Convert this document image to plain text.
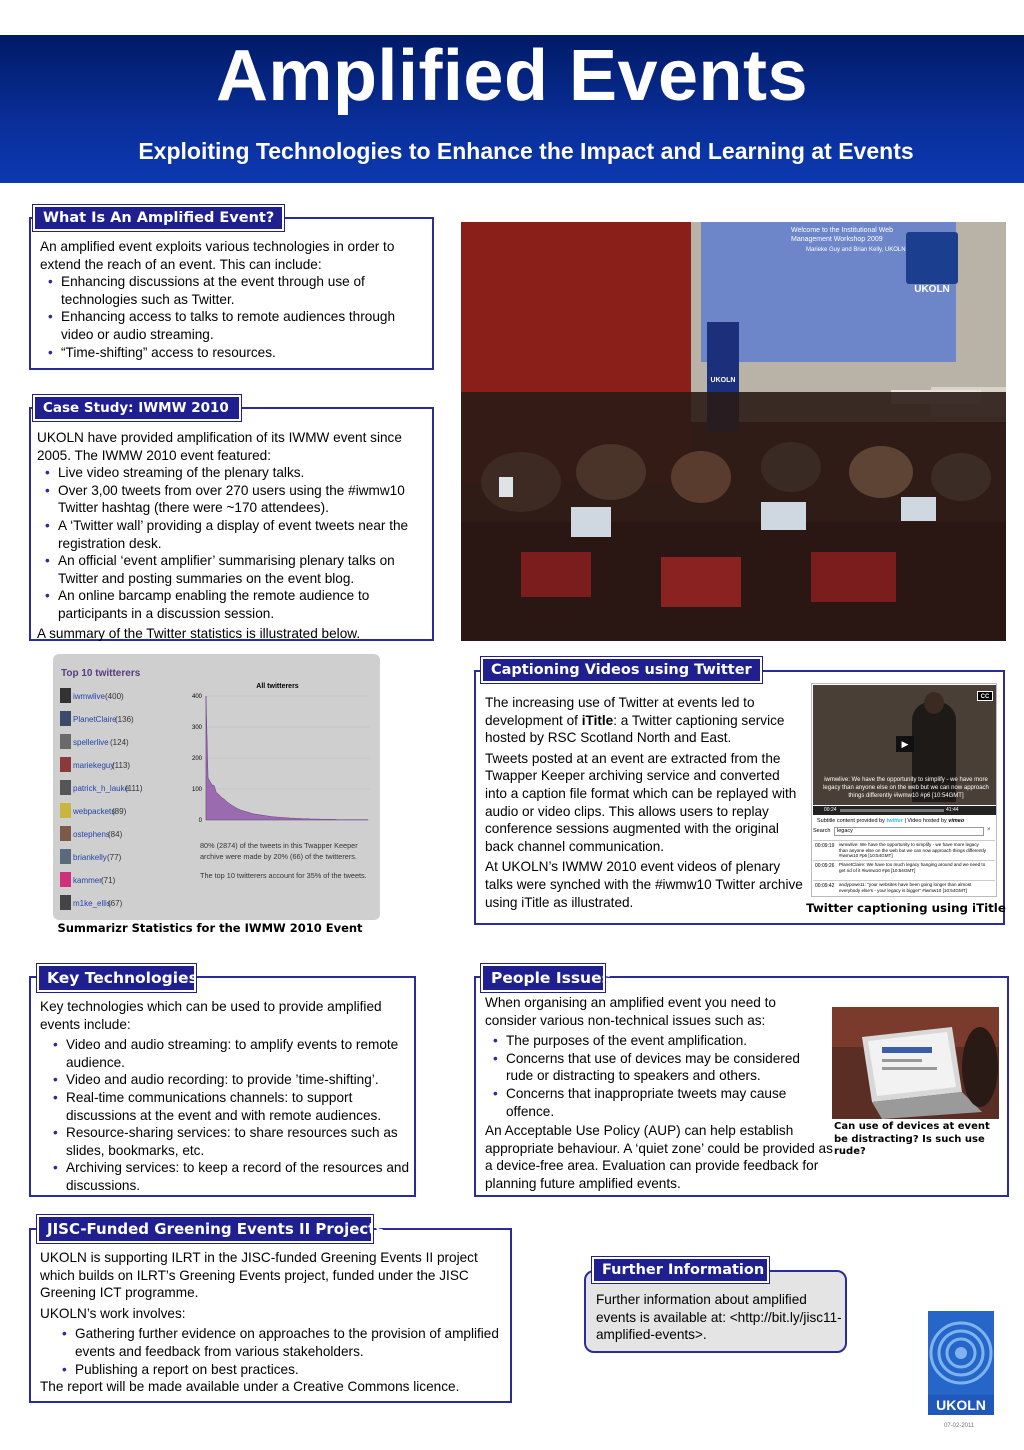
Amplified Events
Exploiting Technologies to Enhance the Impact and Learning at Events
What Is An Amplified Event?

An amplified event exploits various technologies in order to extend the reach of an event. This can include:

• Enhancing discussions at the event through use of technologies such as Twitter.
• Enhancing access to talks to remote audiences through video or audio streaming.
• “Time-shifting” access to resources.
Case Study: IWMW 2010

UKOLN have provided amplification of its IWMW event since 2005. The IWMW 2010 event featured:

• Live video streaming of the plenary talks.
• Over 3,00 tweets from over 270 users using the #iwmw10 Twitter hashtag (there were ~170 attendees).
• A ‘Twitter wall’ providing a display of event tweets near the registration desk.
• An official ‘event amplifier’ summarising plenary talks on Twitter and posting summaries on the event blog.
• An online barcamp enabling the remote audience to participants in a discussion session.

A summary of the Twitter statistics is illustrated below.

Welcome to the Institutional Web Management Workshop 2009
Marieke Guy and Brian Kelly, UKOLN
UKOLN
UKOLN
Top 10 twitterers
iwmwlive (400)
PlanetClaire
(136)
spellerlive (124)
mariekeguy
(113)
patrick_h_lauke
(111)
webpackets
(89)
ostephens
(84)
briankelly (77)
kammer (71)
m1ke_ellis
(67)
All twitterers
400
300
200
100
0
80% (2874) of the tweets in this Twapper Keeper archive were made by 20% (66) of the twitterers.
The top 10 twitterers account for 35% of the tweets.
Summarizr Statistics for the IWMW 2010 Event
Captioning Videos using Twitter

The increasing use of Twitter at events led to development of iTitle: a Twitter captioning service hosted by RSC Scotland North and East.

Tweets posted at an event are extracted from the Twapper Keeper archiving service and converted into a caption file format which can be replayed with audio or video clips. This allows users to replay conference sessions augmented with the original back channel communication.

At UKOLN’s IWMW 2010 event videos of plenary talks were synched with the #iwmw10 Twitter archive using iTitle as illustrated.

CC
▶
iwmwlive: We have the opportunity to simplify - we have more legacy than anyone else on the web but we can now approach things differently #iwmw10 #p6 [10:54GMT]
00:24	41:44
Subtitle content provided by twitter | Video hosted by vimeo
Search	legacy	×
00:09:19 iwmwlive: We have the opportunity to simplify - we have more legacy than anyone else on the web but we can now approach things differently #iwmw10 #p6 [10:54GMT]
00:09:26 PlanetClaire: We have too much legacy hanging around and we need to get rid of it #iwmw10 #p6 [10:54GMT]
00:09:42 andypowe11: "your websites have been going longer than almost everybody else's - your legacy is bigger" #iwmw10 [10:54GMT]
Twitter captioning using iTitle
Key Technologies

Key technologies which can be used to provide amplified events include:

• Video and audio streaming: to amplify events to remote audience.
• Video and audio recording: to provide ’time-shifting’.
• Real-time communications channels: to support discussions at the event and with remote audiences.
• Resource-sharing services: to share resources such as slides, bookmarks, etc.
• Archiving services: to keep a record of the resources and discussions.
People Issues

When organising an amplified event you need to consider various non-technical issues such as:

• The purposes of the event amplification.
• Concerns that use of devices may be considered rude or distracting to speakers and others.
• Concerns that inappropriate tweets may cause offence.

An Acceptable Use Policy (AUP) can help establish appropriate behaviour. A ‘quiet zone’ could be provided as a device-free area. Evaluation can provide feedback for planning future amplified events.

Can use of devices at event be distracting? Is such use rude?
JISC-Funded Greening Events II Projects

UKOLN is supporting ILRT in the JISC-funded Greening Events II project which builds on ILRT’s Greening Events project, funded under the JISC Greening ICT programme.

UKOLN’s work involves:

• Gathering further evidence on approaches to the provision of amplified events and feedback from various stakeholders.
• Publishing a report on best practices.

The report will be made available under a Creative Commons licence.

Further Information
Further information about amplified events is available at: <http://bit.ly/jisc11-amplified-events>.
UKOLN
07-02-2011
